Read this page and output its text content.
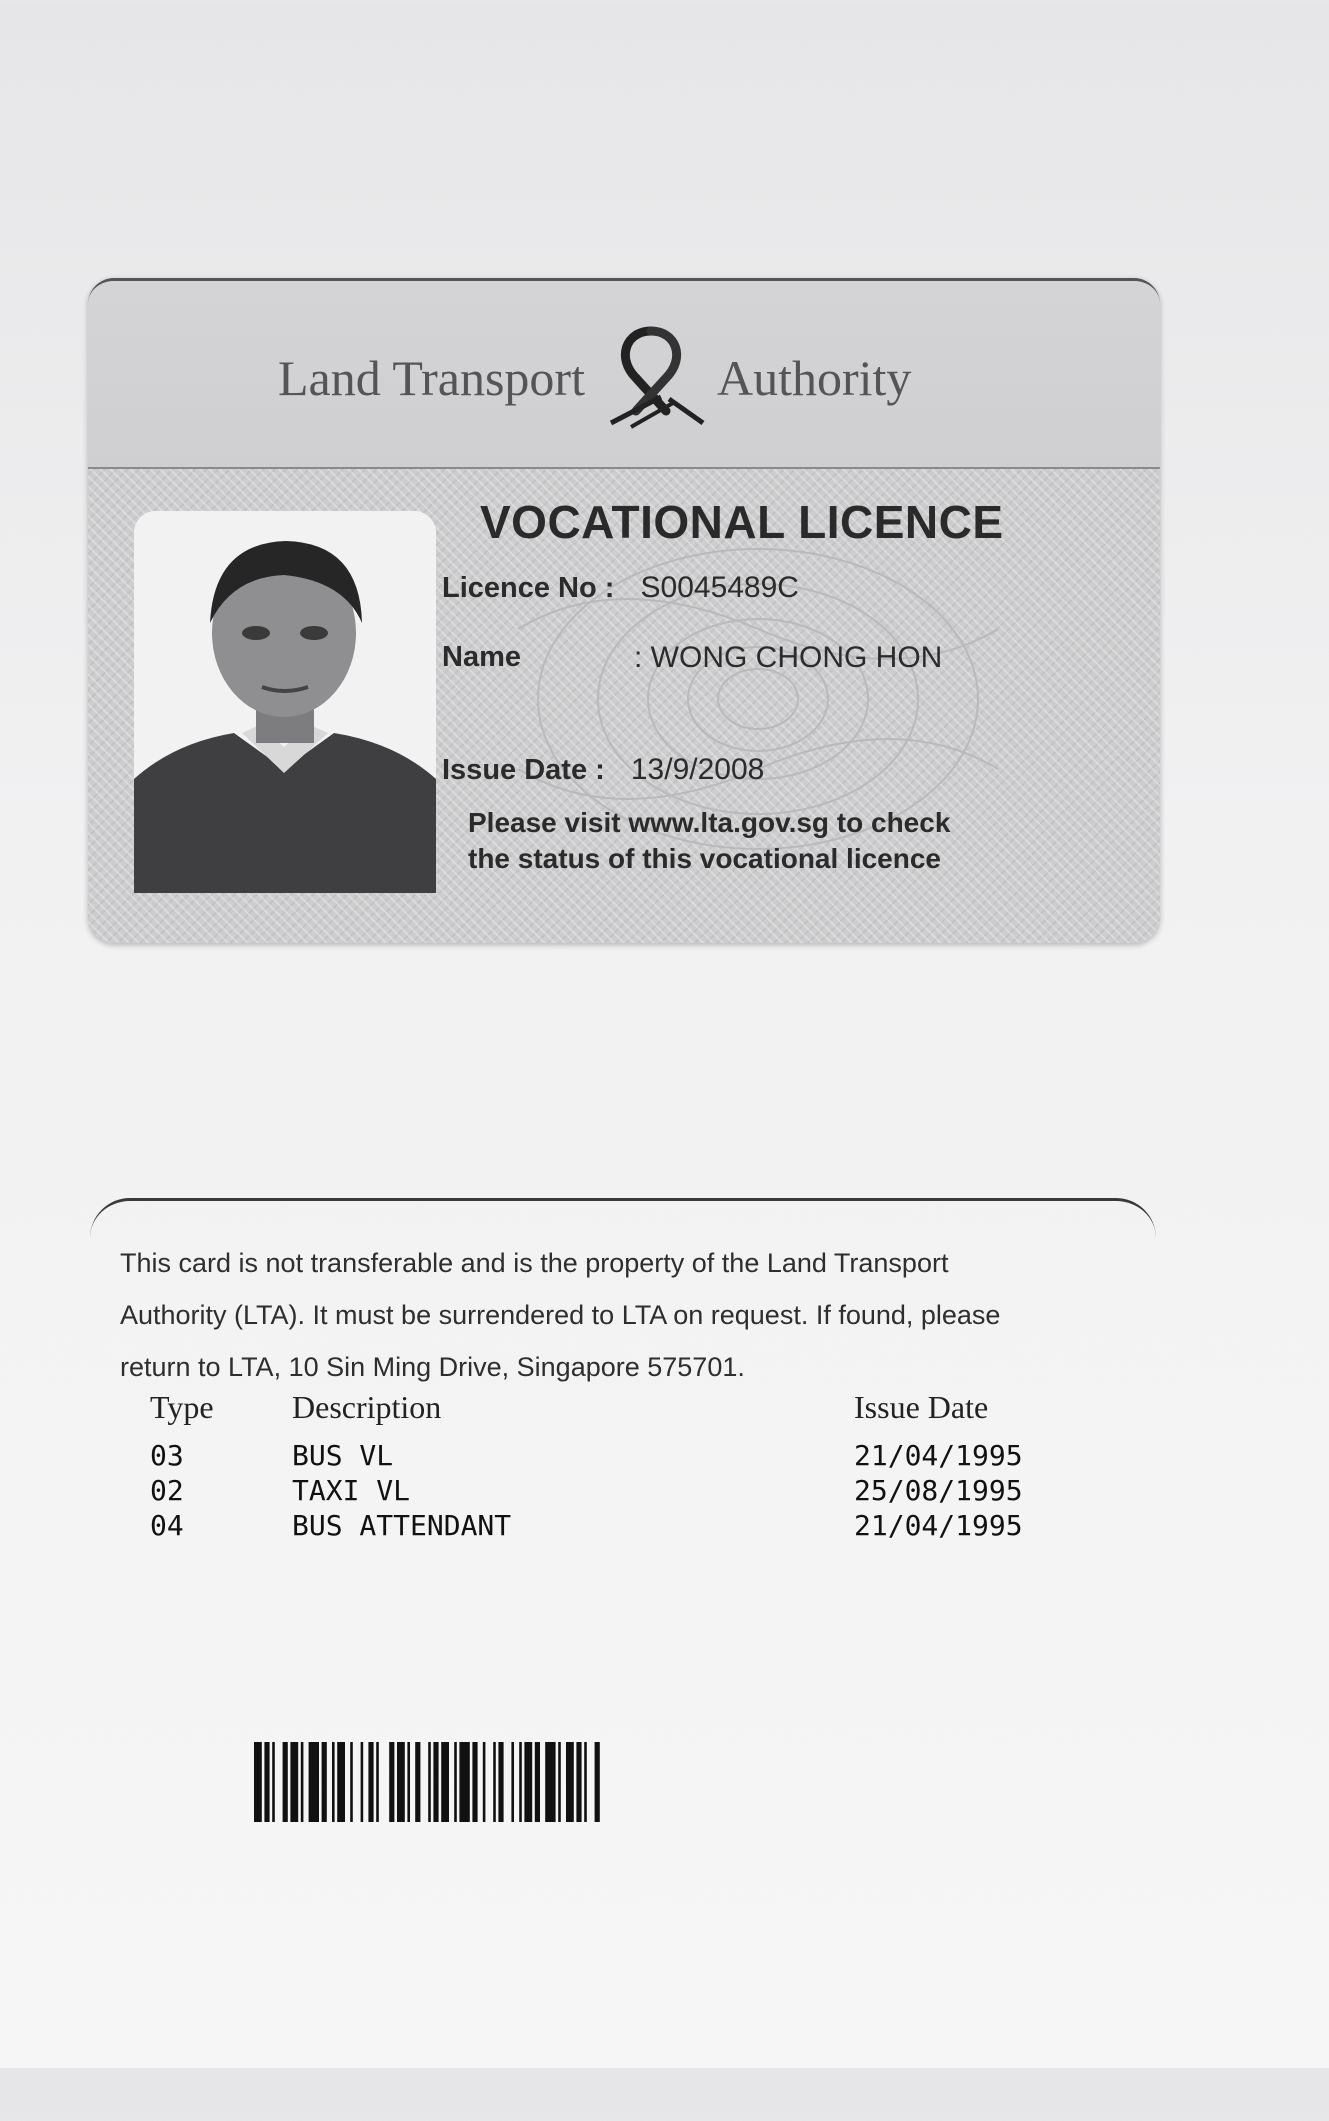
Land Transport	Authority
VOCATIONAL LICENCE
Licence No : S0045489C
Name	: WONG CHONG HON
Issue Date : 13/9/2008
Please visit www.lta.gov.sg to check
the status of this vocational licence
This card is not transferable and is the property of the Land Transport
Authority (LTA). It must be surrendered to LTA on request. If found, please
return to LTA, 10 Sin Ming Drive, Singapore 575701.
Type Description	Issue Date
03	BUS VL	21/04/1995
02	TAXI VL	25/08/1995
04	BUS ATTENDANT	21/04/1995
